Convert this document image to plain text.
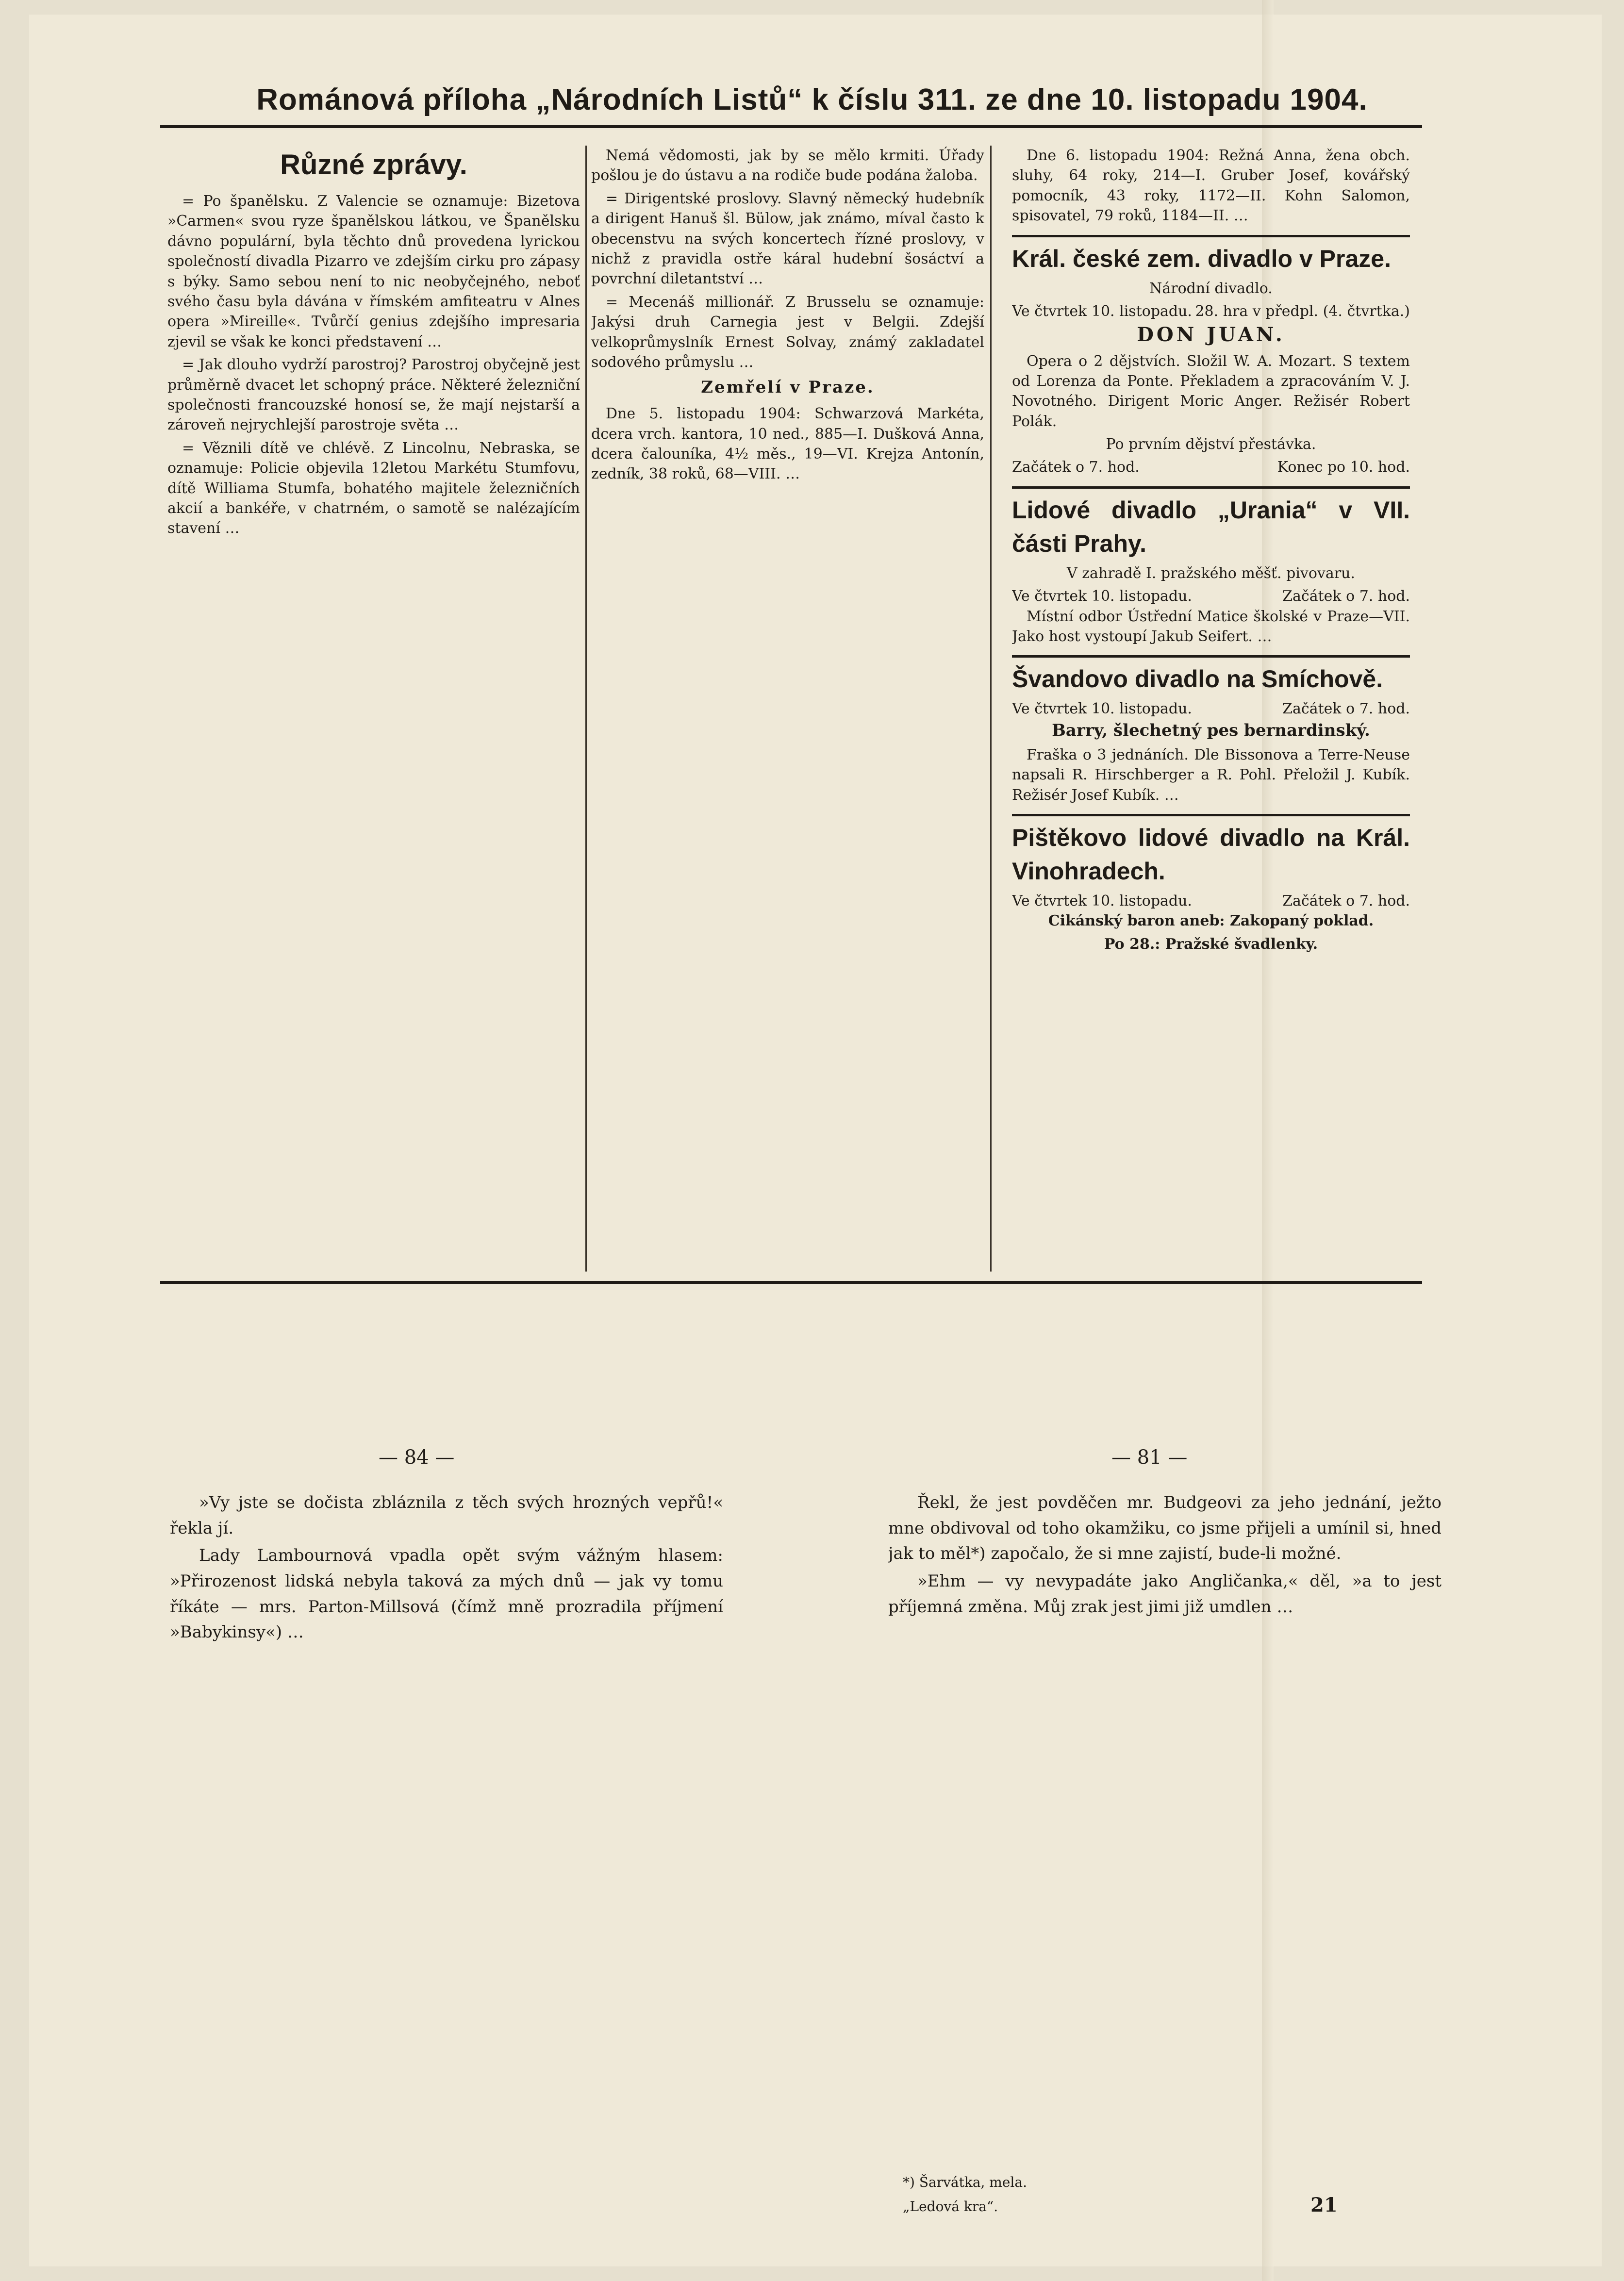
Románová příloha „Národních Listů“ k číslu 311. ze dne 10. listopadu 1904.
Různé zprávy.

= Po španělsku. Z Valencie se oznamuje: Bizetova »Carmen« svou ryze španělskou látkou, ve Španělsku dávno populární, byla těchto dnů provedena lyrickou společností divadla Pizarro ve zdejším cirku pro zápasy s býky. Samo sebou není to nic neobyčejného, neboť svého času byla dávána v římském amfiteatru v Alnes opera »Mireille«. Tvůrčí genius zdejšího impresaria zjevil se však ke konci představení …

= Jak dlouho vydrží parostroj? Parostroj obyčejně jest průměrně dvacet let schopný práce. Některé železniční společnosti francouzské honosí se, že mají nejstarší a zároveň nejrychlejší parostroje světa …

= Věznili dítě ve chlévě. Z Lincolnu, Nebraska, se oznamuje: Policie objevila 12letou Markétu Stumfovu, dítě Williama Stumfa, bohatého majitele železničních akcií a bankéře, v chatrném, o samotě se nalézajícím stavení …

Nemá vědomosti, jak by se mělo krmiti. Úřady pošlou je do ústavu a na rodiče bude podána žaloba.

= Dirigentské proslovy. Slavný německý hudebník a dirigent Hanuš šl. Bülow, jak známo, míval často k obecenstvu na svých koncertech řízné proslovy, v nichž z pravidla ostře káral hudební šosáctví a povrchní diletantství …

= Mecenáš millionář. Z Brusselu se oznamuje: Jakýsi druh Carnegia jest v Belgii. Zdejší velkoprůmyslník Ernest Solvay, známý zakladatel sodového průmyslu …

Zemřelí v Praze.

Dne 5. listopadu 1904: Schwarzová Markéta, dcera vrch. kantora, 10 ned., 885—I. Dušková Anna, dcera čalouníka, 4½ měs., 19—VI. Krejza Antonín, zedník, 38 roků, 68—VIII. …

Dne 6. listopadu 1904: Režná Anna, žena obch. sluhy, 64 roky, 214—I. Gruber Josef, kovářský pomocník, 43 roky, 1172—II. Kohn Salomon, spisovatel, 79 roků, 1184—II. …

Král. české zem. divadlo v Praze.

Národní divadlo.

Ve čtvrtek 10. listopadu. 28. hra v předpl. (4. čtvrtka.)

DON JUAN.

Opera o 2 dějstvích. Složil W. A. Mozart. S textem od Lorenza da Ponte. Překladem a zpracováním V. J. Novotného. Dirigent Moric Anger. Režisér Robert Polák.

Po prvním dějství přestávka.

Začátek o 7. hod.	Konec po 10. hod.
Lidové divadlo „Urania“ v VII. části Prahy.

V zahradě I. pražského měšť. pivovaru.

Ve čtvrtek 10. listopadu.	Začátek o 7. hod.

Místní odbor Ústřední Matice školské v Praze—VII. Jako host vystoupí Jakub Seifert. …

Švandovo divadlo na Smíchově.
Ve čtvrtek 10. listopadu.	Začátek o 7. hod.

Barry, šlechetný pes bernardinský.

Fraška o 3 jednáních. Dle Bissonova a Terre-Neuse napsali R. Hirschberger a R. Pohl. Přeložil J. Kubík. Režisér Josef Kubík. …

Pištěkovo lidové divadlo na Král. Vinohradech.
Ve čtvrtek 10. listopadu.	Začátek o 7. hod.

Cikánský baron aneb: Zakopaný poklad.

Po 28.: Pražské švadlenky.

— 84 —

»Vy jste se dočista zbláznila z těch svých hrozných vepřů!« řekla jí.

Lady Lambournová vpadla opět svým vážným hlasem: »Přirozenost lidská nebyla taková za mých dnů — jak vy tomu říkáte — mrs. Parton-Millsová (čímž mně prozradila příjmení »Babykinsy«) …

— 81 —

Řekl, že jest povděčen mr. Budgeovi za jeho jednání, ježto mne obdivoval od toho okamžiku, co jsme přijeli a umínil si, hned jak to měl*) započalo, že si mne zajistí, bude-li možné.

»Ehm — vy nevypadáte jako Angličanka,« děl, »a to jest příjemná změna. Můj zrak jest jimi již umdlen …

*) Šarvátka, mela.
„Ledová kra“.	21
